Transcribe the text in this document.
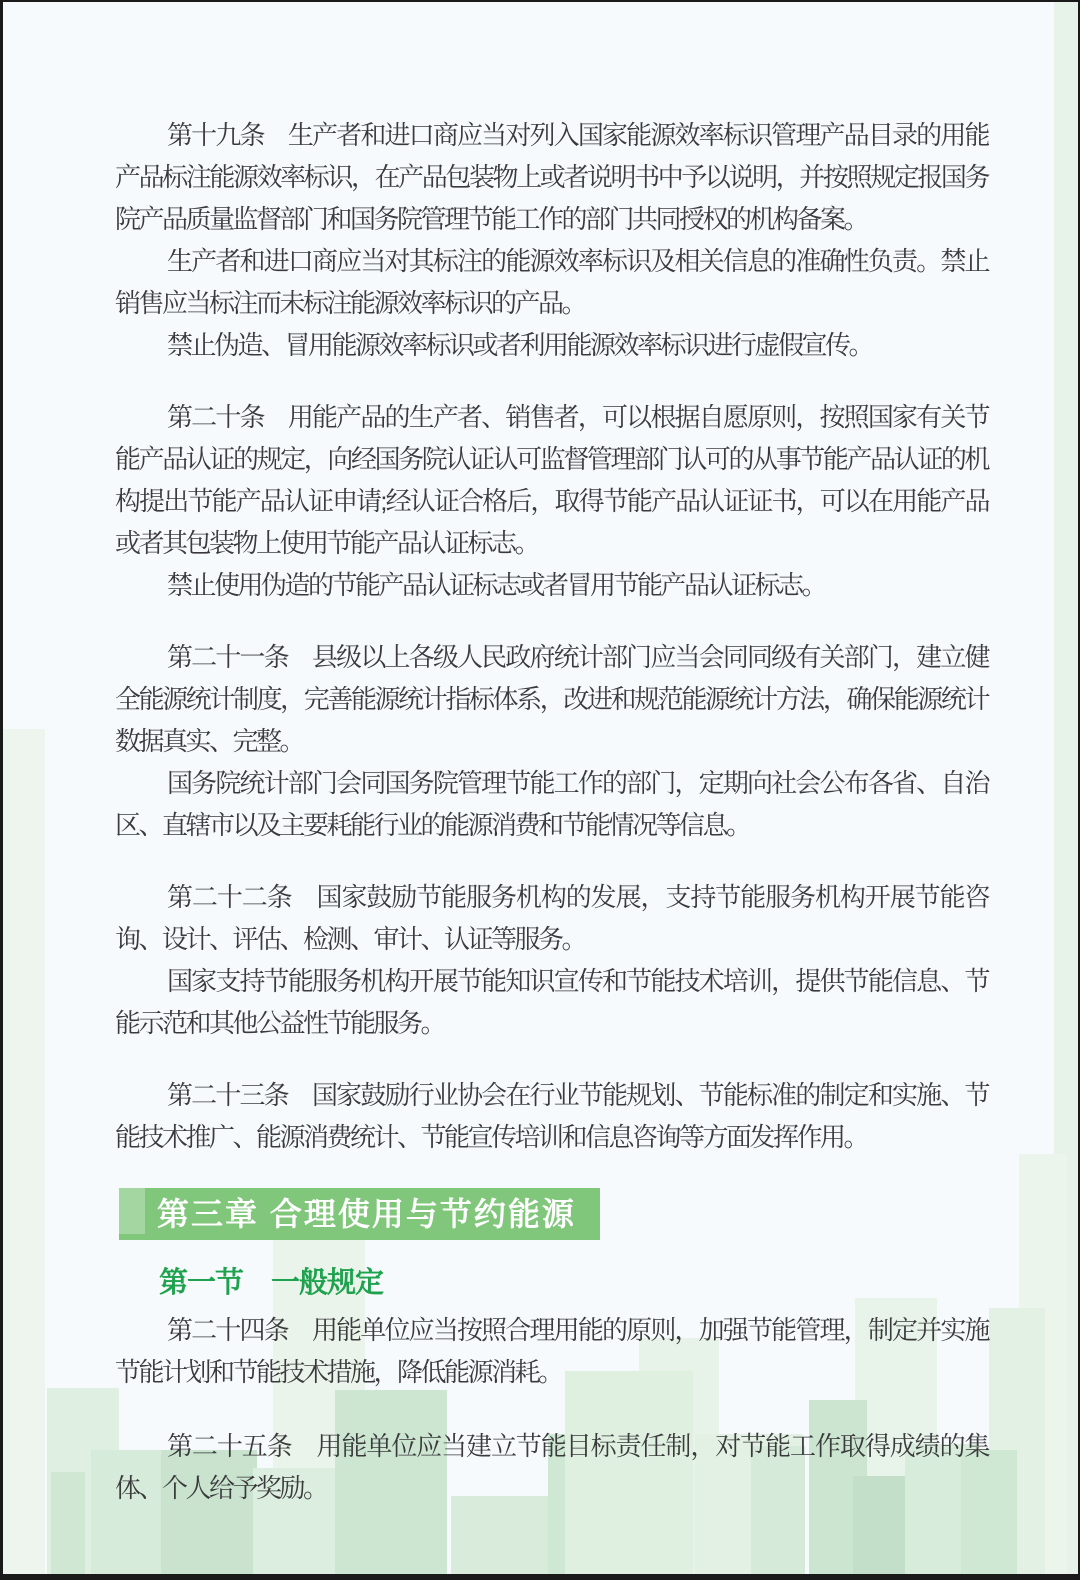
第十九条　生产者和进口商应当对列入国家能源效率标识管理产品目录的用能产品标注能源效率标识，在产品包装物上或者说明书中予以说明，并按照规定报国务院产品质量监督部门和国务院管理节能工作的部门共同授权的机构备案。

生产者和进口商应当对其标注的能源效率标识及相关信息的准确性负责。禁止销售应当标注而未标注能源效率标识的产品。

禁止伪造、冒用能源效率标识或者利用能源效率标识进行虚假宣传。

第二十条　用能产品的生产者、销售者，可以根据自愿原则，按照国家有关节能产品认证的规定，向经国务院认证认可监督管理部门认可的从事节能产品认证的机构提出节能产品认证申请;经认证合格后，取得节能产品认证证书，可以在用能产品或者其包装物上使用节能产品认证标志。

禁止使用伪造的节能产品认证标志或者冒用节能产品认证标志。

第二十一条　县级以上各级人民政府统计部门应当会同同级有关部门，建立健全能源统计制度，完善能源统计指标体系，改进和规范能源统计方法，确保能源统计数据真实、完整。

国务院统计部门会同国务院管理节能工作的部门，定期向社会公布各省、自治区、直辖市以及主要耗能行业的能源消费和节能情况等信息。

第二十二条　国家鼓励节能服务机构的发展，支持节能服务机构开展节能咨询、设计、评估、检测、审计、认证等服务。

国家支持节能服务机构开展节能知识宣传和节能技术培训，提供节能信息、节能示范和其他公益性节能服务。

第二十三条　国家鼓励行业协会在行业节能规划、节能标准的制定和实施、节能技术推广、能源消费统计、节能宣传培训和信息咨询等方面发挥作用。

第三章 合理使用与节约能源
第一节　一般规定

第二十四条　用能单位应当按照合理用能的原则，加强节能管理，制定并实施节能计划和节能技术措施，降低能源消耗。

第二十五条　用能单位应当建立节能目标责任制，对节能工作取得成绩的集体、个人给予奖励。
